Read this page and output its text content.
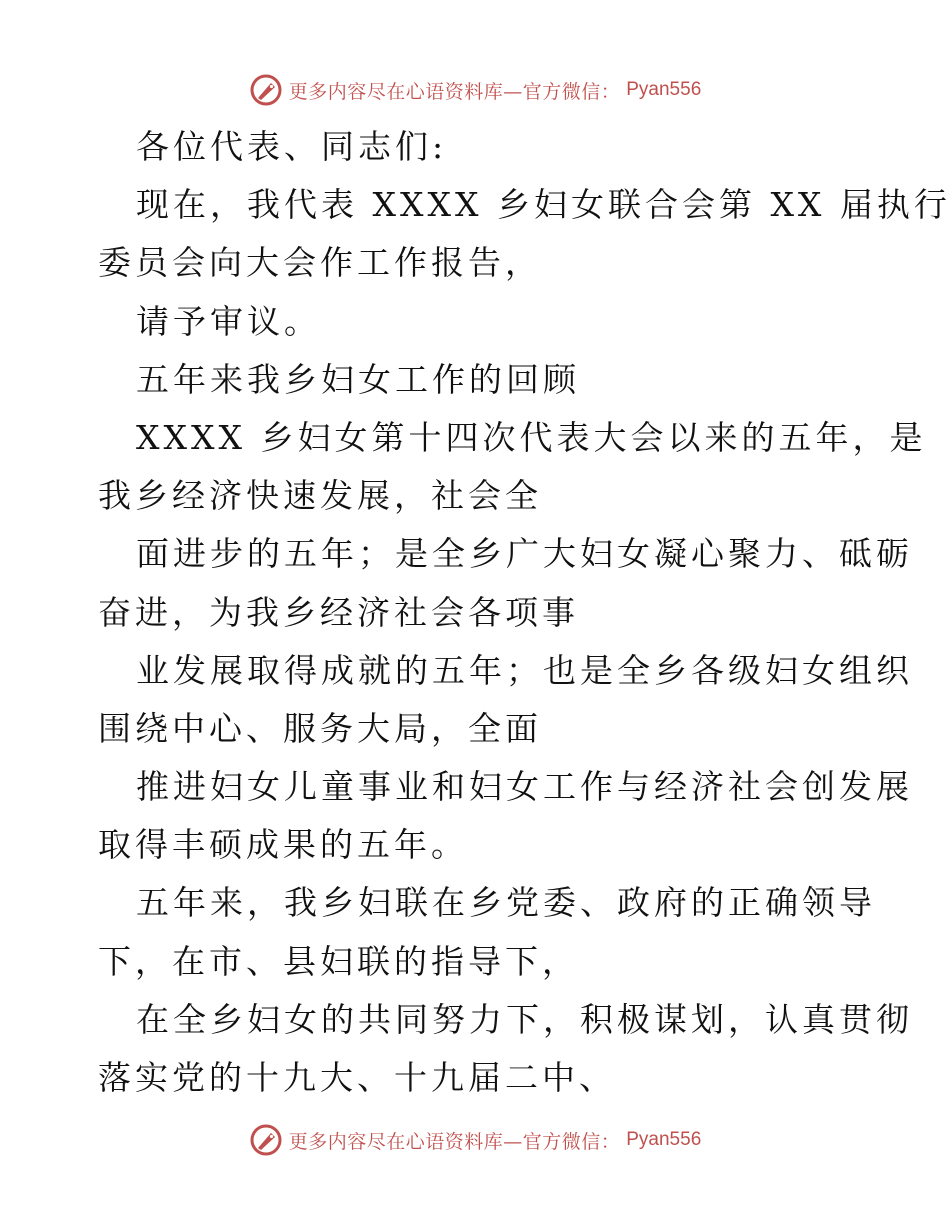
更多内容尽在心语资料库—官方微信： Pyan556
各位代表、同志们:
现在，我代表 XXXX 乡妇女联合会第 XX 届执行
委员会向大会作工作报告，
请予审议。
五年来我乡妇女工作的回顾
XXXX 乡妇女第十四次代表大会以来的五年，是
我乡经济快速发展，社会全
面进步的五年；是全乡广大妇女凝心聚力、砥砺
奋进，为我乡经济社会各项事
业发展取得成就的五年；也是全乡各级妇女组织
围绕中心、服务大局，全面
推进妇女儿童事业和妇女工作与经济社会创发展
取得丰硕成果的五年。
五年来，我乡妇联在乡党委、政府的正确领导
下，在市、县妇联的指导下，
在全乡妇女的共同努力下，积极谋划，认真贯彻
落实党的十九大、十九届二中、
更多内容尽在心语资料库—官方微信： Pyan556
